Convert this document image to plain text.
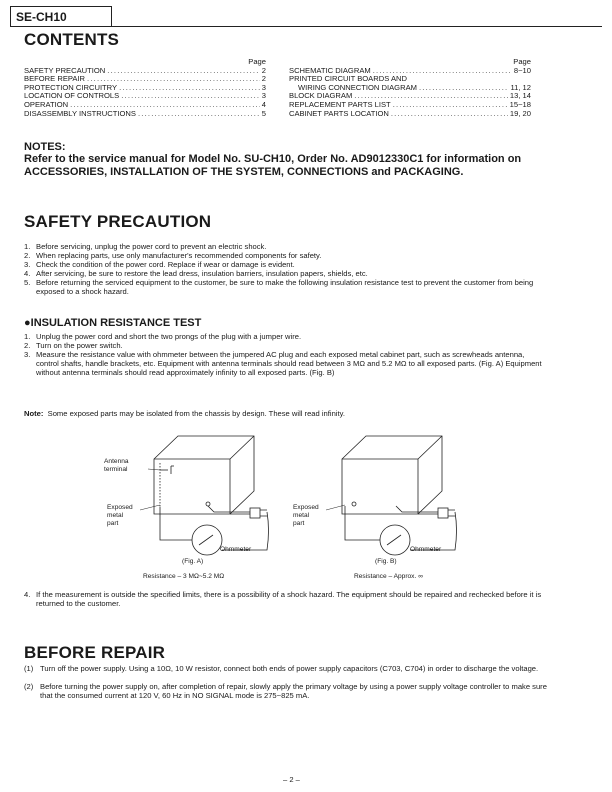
SE-CH10
CONTENTS
Page
SAFETY PRECAUTION .....	2
BEFORE REPAIR .....	2
PROTECTION CIRCUITRY .....	3
LOCATION OF CONTROLS .....	3
OPERATION .....	4
DISASSEMBLY INSTRUCTIONS .....	5
Page
SCHEMATIC DIAGRAM .....	8~10
PRINTED CIRCUIT BOARDS AND
WIRING CONNECTION DIAGRAM .....	11, 12
BLOCK DIAGRAM .....	13, 14
REPLACEMENT PARTS LIST .....	15~18
CABINET PARTS LOCATION .....	19, 20
NOTES:
Refer to the service manual for Model No. SU-CH10, Order No. AD9012330C1 for information on ACCESSORIES, INSTALLATION OF THE SYSTEM, CONNECTIONS and PACKAGING.
SAFETY PRECAUTION
1. Before servicing, unplug the power cord to prevent an electric shock.
2. When replacing parts, use only manufacturer's recommended components for safety.
3. Check the condition of the power cord. Replace if wear or damage is evident.
4. After servicing, be sure to restore the lead dress, insulation barriers, insulation papers, shields, etc.
5. Before returning the serviced equipment to the customer, be sure to make the following insulation resistance test to prevent the customer from being exposed to a shock hazard.
●INSULATION RESISTANCE TEST
1. Unplug the power cord and short the two prongs of the plug with a jumper wire.
2. Turn on the power switch.
3. Measure the resistance value with ohmmeter between the jumpered AC plug and each exposed metal cabinet part, such as screwheads antenna, control shafts, handle brackets, etc. Equipment with antenna terminals should read between 3 MΩ and 5.2 MΩ to all exposed parts. (Fig. A) Equipment without antenna terminals should read approximately infinity to all exposed parts. (Fig. B)
Note: Some exposed parts may be isolated from the chassis by design. These will read infinity.
Antenna
terminal
Exposed
metal
part
Ohmmeter
(Fig. A)
Resistance – 3 MΩ~5.2 MΩ
Exposed
metal
part
Ohmmeter
(Fig. B)
Resistance – Approx. ∞
4. If the measurement is outside the specified limits, there is a possibility of a shock hazard. The equipment should be repaired and rechecked before it is returned to the customer.
BEFORE REPAIR
(1) Turn off the power supply. Using a 10Ω, 10 W resistor, connect both ends of power supply capacitors (C703, C704) in order to discharge the voltage.
(2) Before turning the power supply on, after completion of repair, slowly apply the primary voltage by using a power supply voltage controller to make sure that the consumed current at 120 V, 60 Hz in NO SIGNAL mode is 275~825 mA.
– 2 –
